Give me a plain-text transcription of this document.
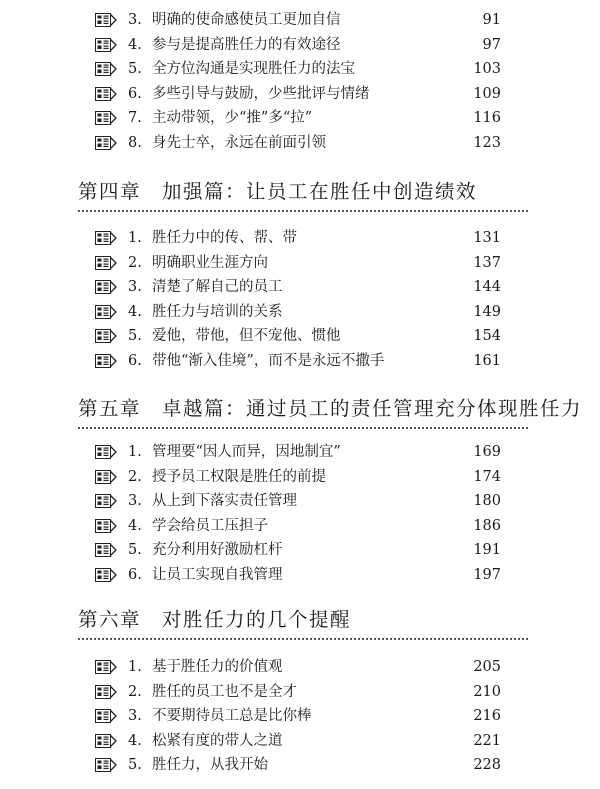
3. 明确的使命感使员工更加自信	91
4. 参与是提高胜任力的有效途径	97
5. 全方位沟通是实现胜任力的法宝	103
6. 多些引导与鼓励，少些批评与情绪	109
7. 主动带领，少“推”多“拉”	116
8. 身先士卒，永远在前面引领	123
第四章　加强篇：让员工在胜任中创造绩效
1. 胜任力中的传、帮、带	131
2. 明确职业生涯方向	137
3. 清楚了解自己的员工	144
4. 胜任力与培训的关系	149
5. 爱他，带他，但不宠他、惯他	154
6. 带他“渐入佳境”，而不是永远不撒手	161
第五章　卓越篇：通过员工的责任管理充分体现胜任力
1. 管理要“因人而异，因地制宜”	169
2. 授予员工权限是胜任的前提	174
3. 从上到下落实责任管理	180
4. 学会给员工压担子	186
5. 充分利用好激励杠杆	191
6. 让员工实现自我管理	197
第六章　对胜任力的几个提醒
1. 基于胜任力的价值观	205
2. 胜任的员工也不是全才	210
3. 不要期待员工总是比你棒	216
4. 松紧有度的带人之道	221
5. 胜任力，从我开始	228
